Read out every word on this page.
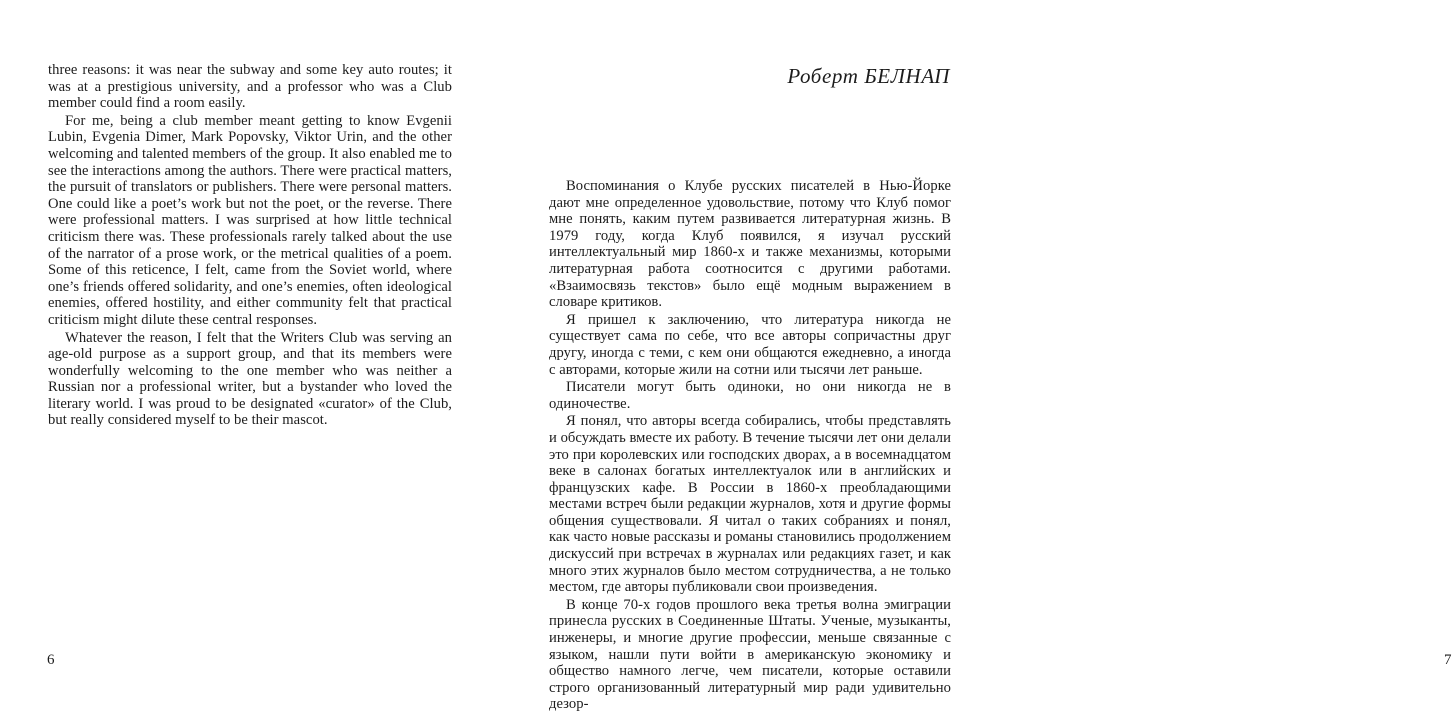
three reasons: it was near the subway and some key auto routes; it was at a prestigious university, and a professor who was a Club member could find a room easily.

For me, being a club member meant getting to know Evgenii Lubin, Evgenia Dimer, Mark Popovsky, Viktor Urin, and the other welcoming and talented members of the group. It also enabled me to see the interactions among the authors. There were practical matters, the pursuit of translators or publishers. There were personal matters. One could like a poet’s work but not the poet, or the reverse. There were professional matters. I was surprised at how little technical criticism there was. These professionals rarely talked about the use of the narrator of a prose work, or the metrical qualities of a poem. Some of this reticence, I felt, came from the Soviet world, where one’s friends offered solidarity, and one’s enemies, often ideological enemies, offered hostility, and either community felt that practical criticism might dilute these central responses.

Whatever the reason, I felt that the Writers Club was serving an age-old purpose as a support group, and that its members were wonderfully welcoming to the one member who was neither a Russian nor a professional writer, but a bystander who loved the literary world. I was proud to be designated «curator» of the Club, but really considered myself to be their mascot.

6
Роберт БЕЛНАП
7

Воспоминания о Клубе русских писателей в Нью-Йорке дают мне определенное удовольствие, потому что Клуб помог мне понять, каким путем развивается литературная жизнь. В 1979 году, когда Клуб появился, я изучал русский интеллектуальный мир 1860-х и также механизмы, которыми литературная работа соотносится с другими работами. «Взаимосвязь текстов» было ещё модным выражением в словаре критиков.

Я пришел к заключению, что литература никогда не существует сама по себе, что все авторы сопричастны друг другу, иногда с теми, с кем они общаются ежедневно, а иногда с авторами, которые жили на сотни или тысячи лет раньше.

Писатели могут быть одиноки, но они никогда не в одиночестве.

Я понял, что авторы всегда собирались, чтобы представлять и обсуждать вместе их работу. В течение тысячи лет они делали это при королевских или господских дворах, а в восемнадцатом веке в салонах богатых интеллектуалок или в английских и французских кафе. В России в 1860-х преобладающими местами встреч были редакции журналов, хотя и другие формы общения существовали. Я читал о таких собраниях и понял, как часто новые рассказы и романы становились продолжением дискуссий при встречах в журналах или редакциях газет, и как много этих журналов было местом сотрудничества, а не только местом, где авторы публиковали свои произведения.

В конце 70-х годов прошлого века третья волна эмиграции принесла русских в Соединенные Штаты. Ученые, музыканты, инженеры, и многие другие профессии, меньше связанные с языком, нашли пути войти в американскую экономику и общество намного легче, чем писатели, которые оставили строго организованный литературный мир ради удивительно дезор-
